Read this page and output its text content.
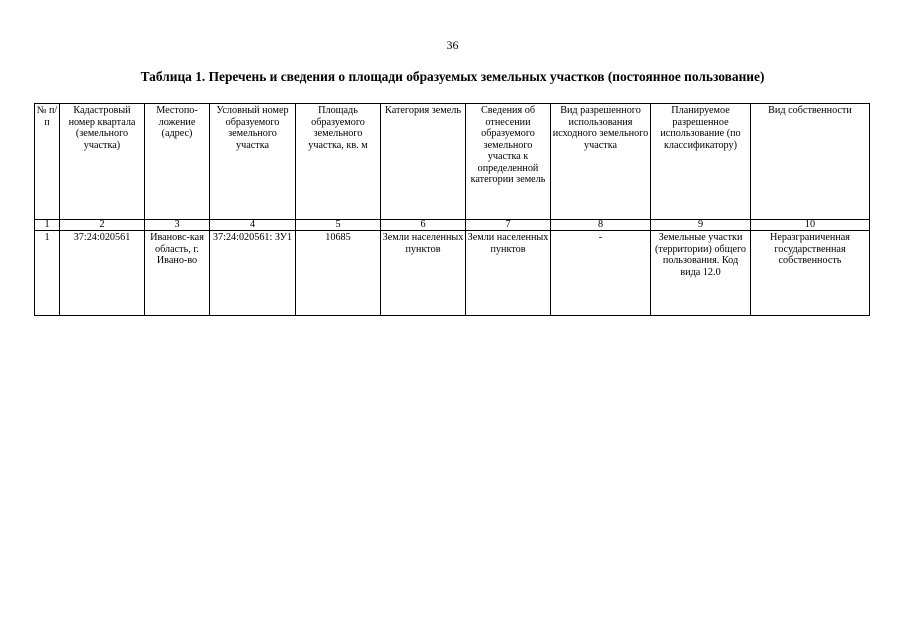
36
Таблица 1. Перечень и сведения о площади образуемых земельных участков (постоянное пользование)
№ п/п	Кадастровый номер квартала (земельного участка)	Местопо-ложение (адрес)	Условный номер образуемого земельного участка	Площадь образуемого земельного участка, кв. м	Категория земель	Сведения об отнесении образуемого земельного участка к определенной категории земель	Вид разрешенного использования исходного земельного участка	Планируемое разрешенное использование (по классификатору)	Вид собственности
1	2	3	4	5	6	7	8	9	10
1	37:24:020561	Ивановс-кая область, г. Ивано-во	37:24:020561: ЗУ1	10685	Земли населенных пунктов	Земли населенных пунктов	-	Земельные участки (территории) общего пользования. Код вида 12.0	Неразграниченная государственная собственность
